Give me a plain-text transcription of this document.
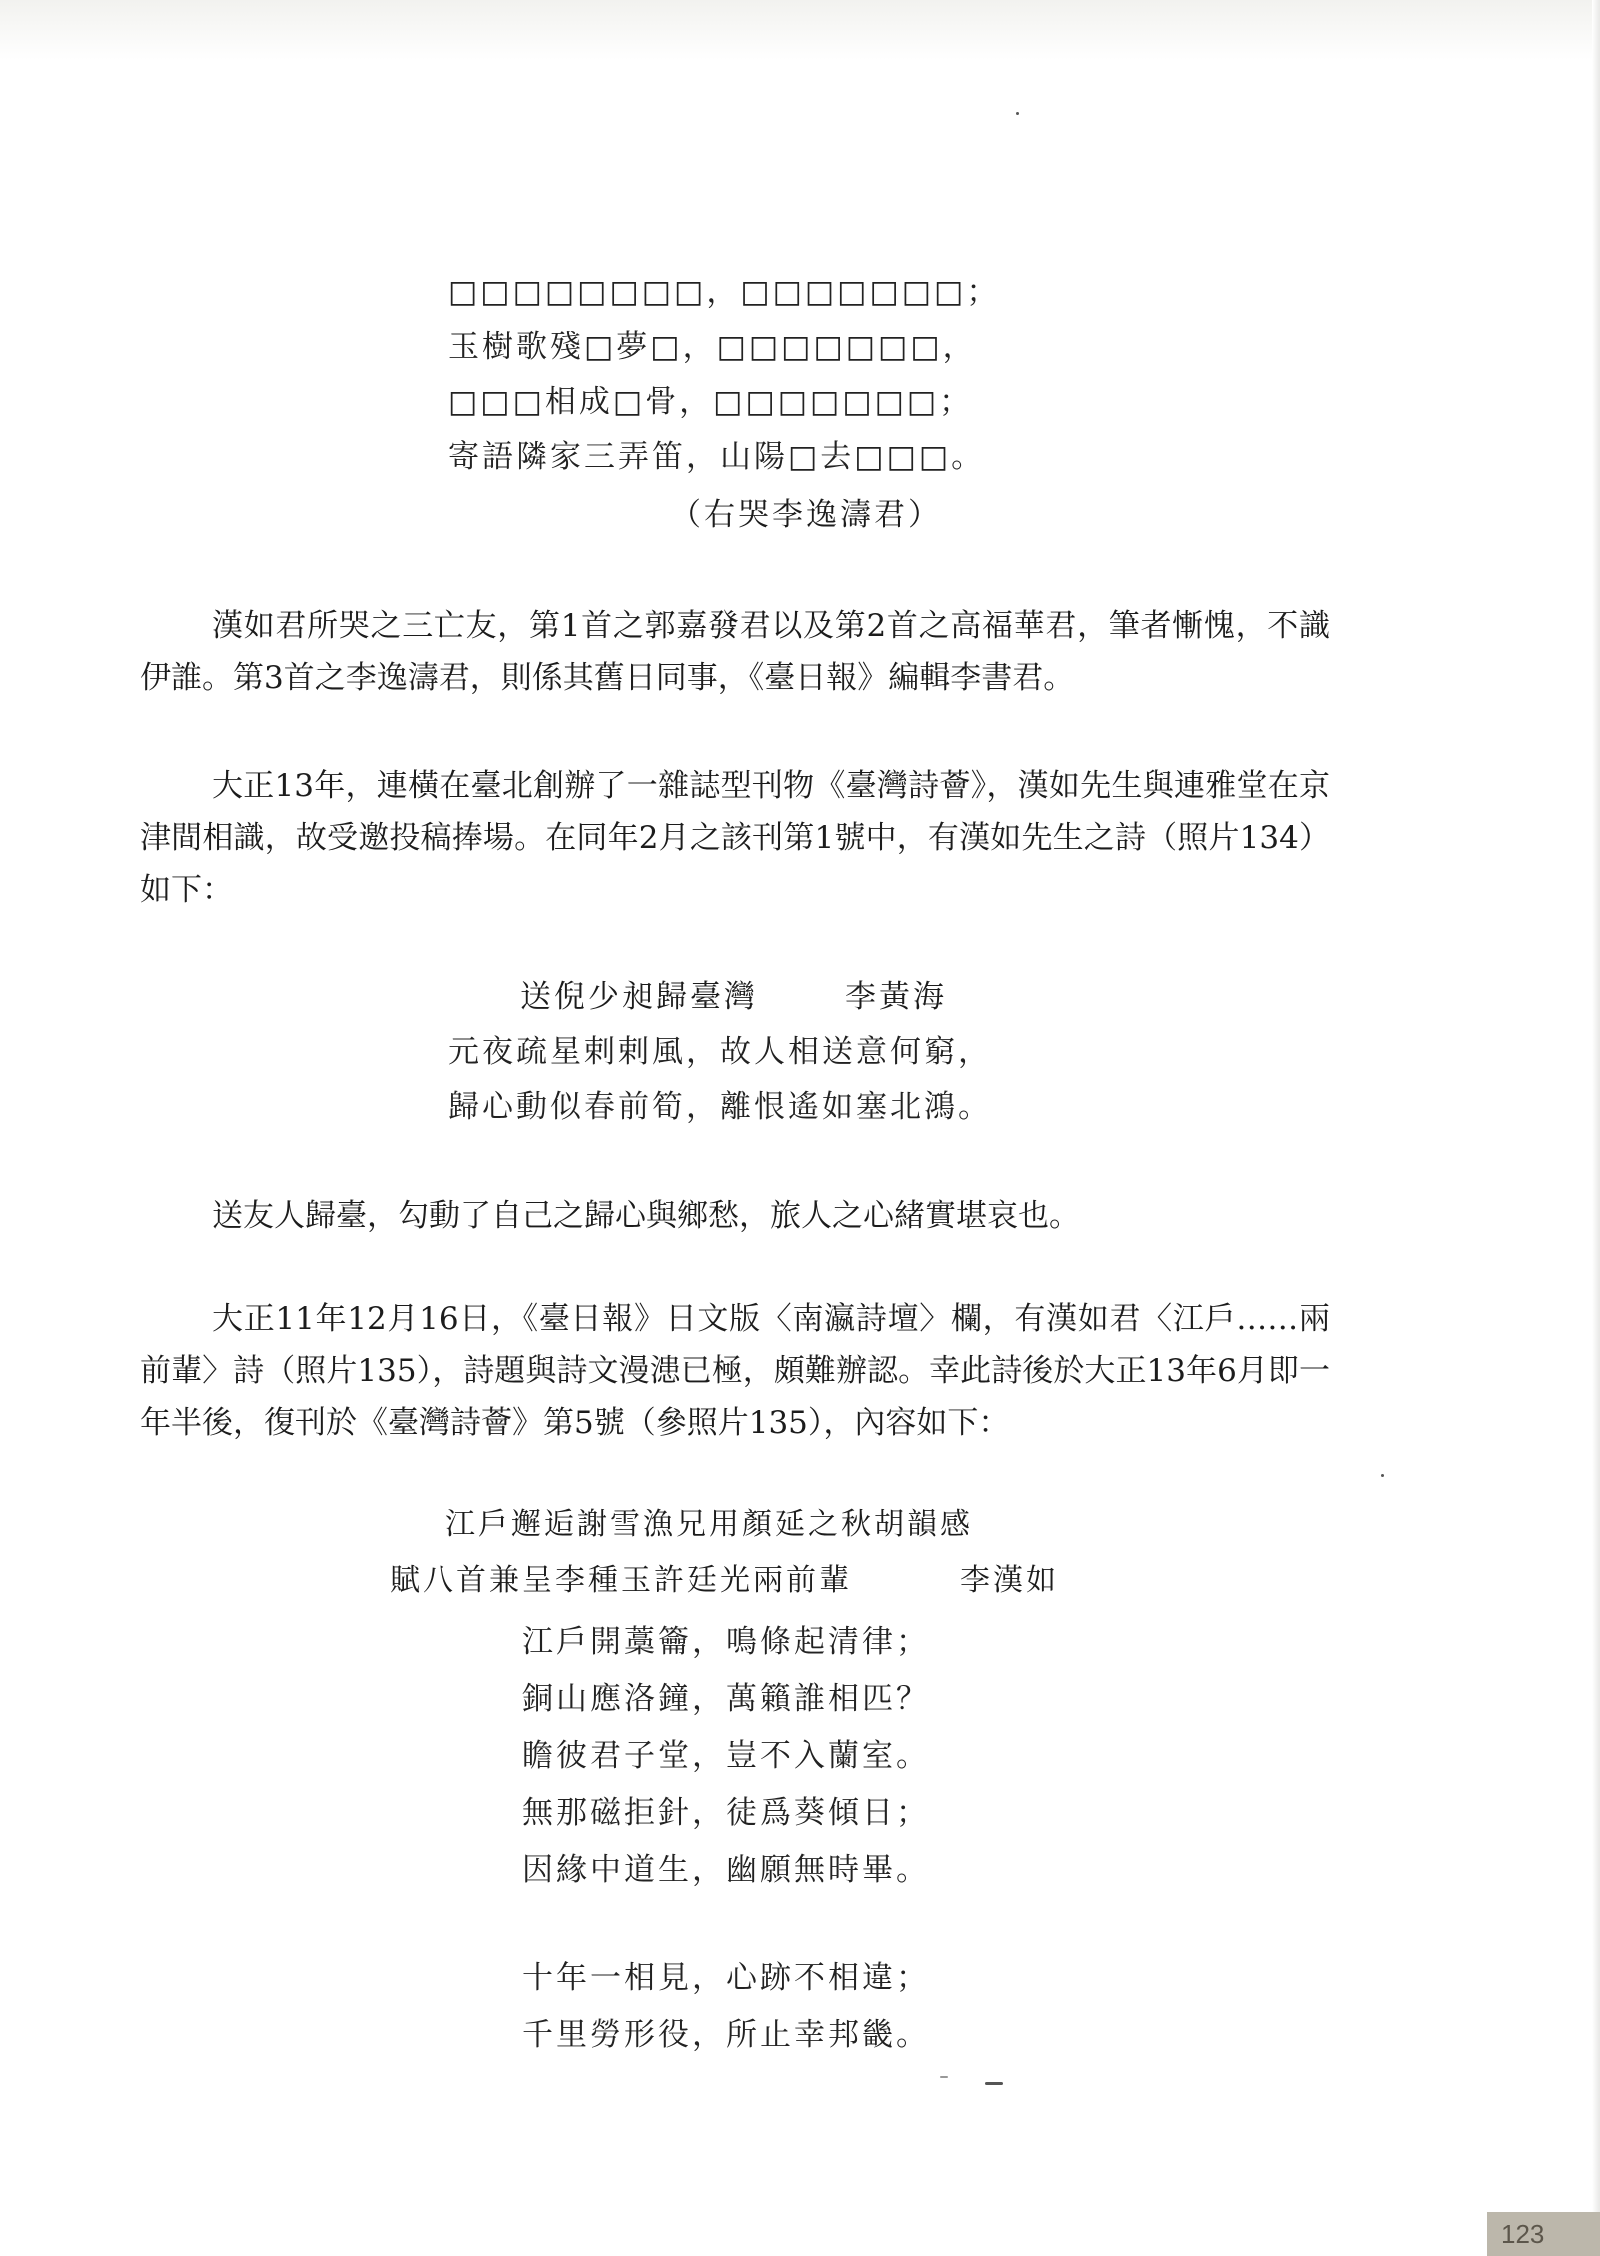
□□□□□□□□，□□□□□□□；
玉樹歌殘□夢□，□□□□□□□，
□□□相成□骨，□□□□□□□；
寄語隣家三弄笛，山陽□去□□□。
（右哭李逸濤君）

漢如君所哭之三亡友，第1首之郭嘉發君以及第2首之高福華君，筆者慚愧，不識伊誰。第3首之李逸濤君，則係其舊日同事，《臺日報》編輯李書君。

大正13年，連橫在臺北創辦了一雜誌型刊物《臺灣詩薈》，漢如先生與連雅堂在京津間相識，故受邀投稿捧場。在同年2月之該刊第1號中，有漢如先生之詩（照片134）如下：

送倪少昶歸臺灣	李黃海
元夜疏星剌剌風，故人相送意何窮，
歸心動似春前筍，離恨遙如塞北鴻。

送友人歸臺，勾動了自己之歸心與鄉愁，旅人之心緒實堪哀也。

大正11年12月16日，《臺日報》日文版〈南瀛詩壇〉欄，有漢如君〈江戶……兩前輩〉詩（照片135），詩題與詩文漫漶已極，頗難辦認。幸此詩後於大正13年6月即一年半後，復刊於《臺灣詩薈》第5號（參照片135），內容如下：

江戶邂逅謝雪漁兄用顏延之秋胡韻感
賦八首兼呈李種玉許廷光兩前輩	李漢如
江戶開藁籥，鳴條起清律；
銅山應洛鐘，萬籟誰相匹？
瞻彼君子堂，豈不入蘭室。
無那磁拒針，徒爲葵傾日；
因緣中道生，幽願無時畢。
十年一相見，心跡不相違；
千里勞形役，所止幸邦畿。
123
